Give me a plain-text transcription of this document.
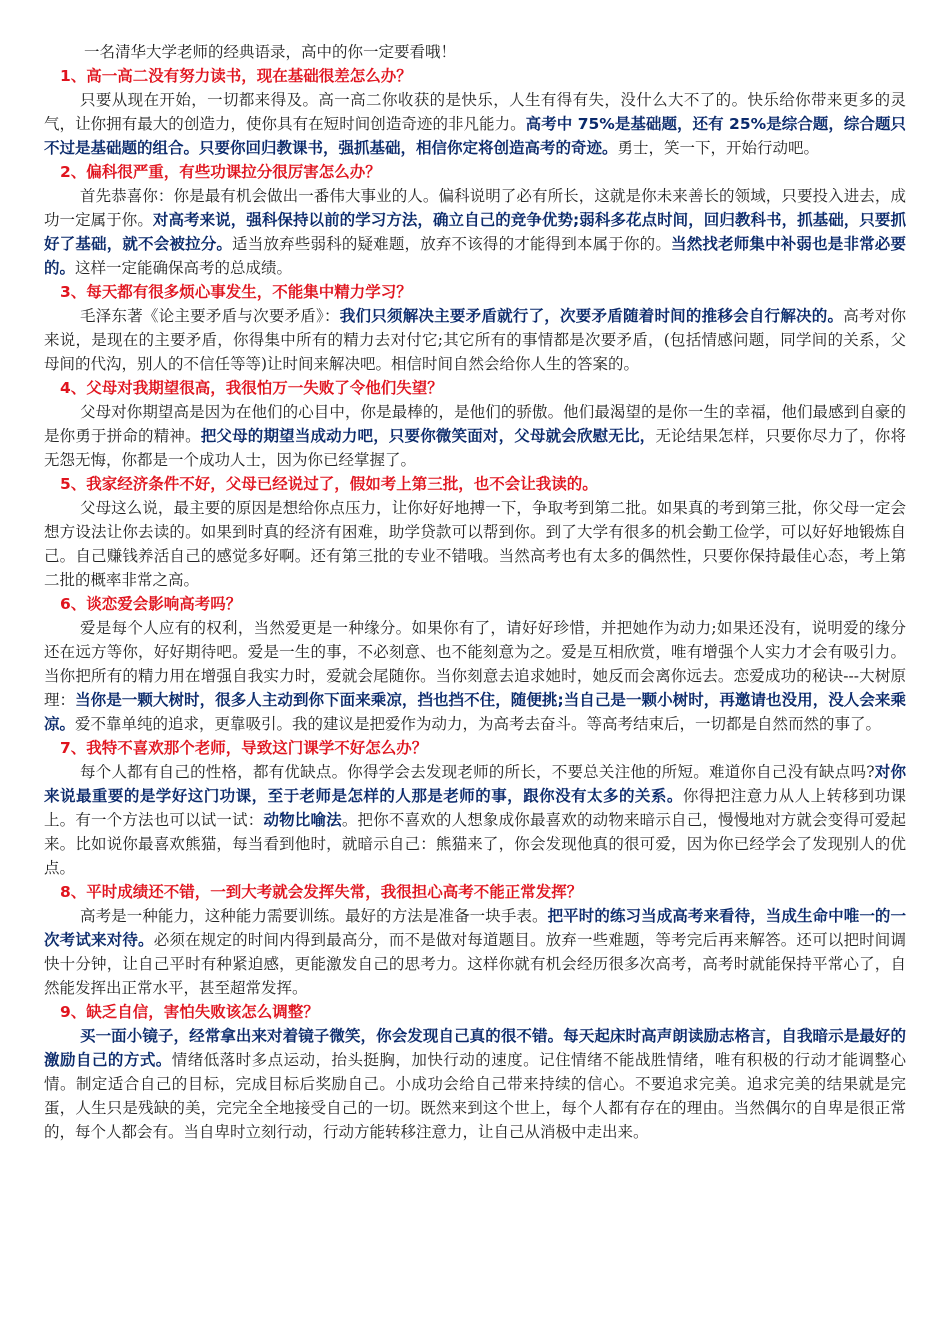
一名清华大学老师的经典语录，高中的你一定要看哦！

1、高一高二没有努力读书，现在基础很差怎么办？

只要从现在开始，一切都来得及。高一高二你收获的是快乐，人生有得有失，没什么大不了的。快乐给你带来更多的灵气，让你拥有最大的创造力，使你具有在短时间创造奇迹的非凡能力。高考中 75%是基础题，还有 25%是综合题，综合题只不过是基础题的组合。只要你回归教课书，强抓基础，相信你定将创造高考的奇迹。勇士，笑一下，开始行动吧。

2、偏科很严重，有些功课拉分很厉害怎么办？

首先恭喜你：你是最有机会做出一番伟大事业的人。偏科说明了必有所长，这就是你未来善长的领域，只要投入进去，成功一定属于你。对高考来说，强科保持以前的学习方法，确立自己的竞争优势;弱科多花点时间，回归教科书，抓基础，只要抓好了基础，就不会被拉分。适当放弃些弱科的疑难题，放弃不该得的才能得到本属于你的。当然找老师集中补弱也是非常必要的。这样一定能确保高考的总成绩。

3、每天都有很多烦心事发生，不能集中精力学习？

毛泽东著《论主要矛盾与次要矛盾》：我们只须解决主要矛盾就行了，次要矛盾随着时间的推移会自行解决的。高考对你来说，是现在的主要矛盾，你得集中所有的精力去对付它;其它所有的事情都是次要矛盾，(包括情感问题，同学间的关系，父母间的代沟，别人的不信任等等)让时间来解决吧。相信时间自然会给你人生的答案的。

4、父母对我期望很高，我很怕万一失败了令他们失望？

父母对你期望高是因为在他们的心目中，你是最棒的，是他们的骄傲。他们最渴望的是你一生的幸福，他们最感到自豪的是你勇于拼命的精神。把父母的期望当成动力吧，只要你微笑面对，父母就会欣慰无比，无论结果怎样，只要你尽力了，你将无怨无悔，你都是一个成功人士，因为你已经掌握了。

5、我家经济条件不好，父母已经说过了，假如考上第三批，也不会让我读的。

父母这么说，最主要的原因是想给你点压力，让你好好地搏一下，争取考到第二批。如果真的考到第三批，你父母一定会想方设法让你去读的。如果到时真的经济有困难，助学贷款可以帮到你。到了大学有很多的机会勤工俭学，可以好好地锻炼自己。自己赚钱养活自己的感觉多好啊。还有第三批的专业不错哦。当然高考也有太多的偶然性，只要你保持最佳心态，考上第二批的概率非常之高。

6、谈恋爱会影响高考吗？

爱是每个人应有的权利，当然爱更是一种缘分。如果你有了，请好好珍惜，并把她作为动力;如果还没有，说明爱的缘分还在远方等你，好好期待吧。爱是一生的事，不必刻意、也不能刻意为之。爱是互相欣赏，唯有增强个人实力才会有吸引力。当你把所有的精力用在增强自我实力时，爱就会尾随你。当你刻意去追求她时，她反而会离你远去。恋爱成功的秘诀---大树原理：当你是一颗大树时，很多人主动到你下面来乘凉，挡也挡不住，随便挑;当自己是一颗小树时，再邀请也没用，没人会来乘凉。爱不靠单纯的追求，更靠吸引。我的建议是把爱作为动力，为高考去奋斗。等高考结束后，一切都是自然而然的事了。

7、我特不喜欢那个老师，导致这门课学不好怎么办？

每个人都有自己的性格，都有优缺点。你得学会去发现老师的所长，不要总关注他的所短。难道你自己没有缺点吗?对你来说最重要的是学好这门功课，至于老师是怎样的人那是老师的事，跟你没有太多的关系。你得把注意力从人上转移到功课上。有一个方法也可以试一试：动物比喻法。把你不喜欢的人想象成你最喜欢的动物来暗示自己，慢慢地对方就会变得可爱起来。比如说你最喜欢熊猫，每当看到他时，就暗示自己：熊猫来了，你会发现他真的很可爱，因为你已经学会了发现别人的优点。

8、平时成绩还不错，一到大考就会发挥失常，我很担心高考不能正常发挥？

高考是一种能力，这种能力需要训练。最好的方法是准备一块手表。把平时的练习当成高考来看待，当成生命中唯一的一次考试来对待。必须在规定的时间内得到最高分，而不是做对每道题目。放弃一些难题，等考完后再来解答。还可以把时间调快十分钟，让自己平时有种紧迫感，更能激发自己的思考力。这样你就有机会经历很多次高考，高考时就能保持平常心了，自然能发挥出正常水平，甚至超常发挥。

9、缺乏自信，害怕失败该怎么调整？

买一面小镜子，经常拿出来对着镜子微笑，你会发现自己真的很不错。每天起床时高声朗读励志格言，自我暗示是最好的激励自己的方式。情绪低落时多点运动，抬头挺胸，加快行动的速度。记住情绪不能战胜情绪，唯有积极的行动才能调整心情。制定适合自己的目标，完成目标后奖励自己。小成功会给自己带来持续的信心。不要追求完美。追求完美的结果就是完蛋，人生只是残缺的美，完完全全地接受自己的一切。既然来到这个世上，每个人都有存在的理由。当然偶尔的自卑是很正常的，每个人都会有。当自卑时立刻行动，行动方能转移注意力，让自己从消极中走出来。
